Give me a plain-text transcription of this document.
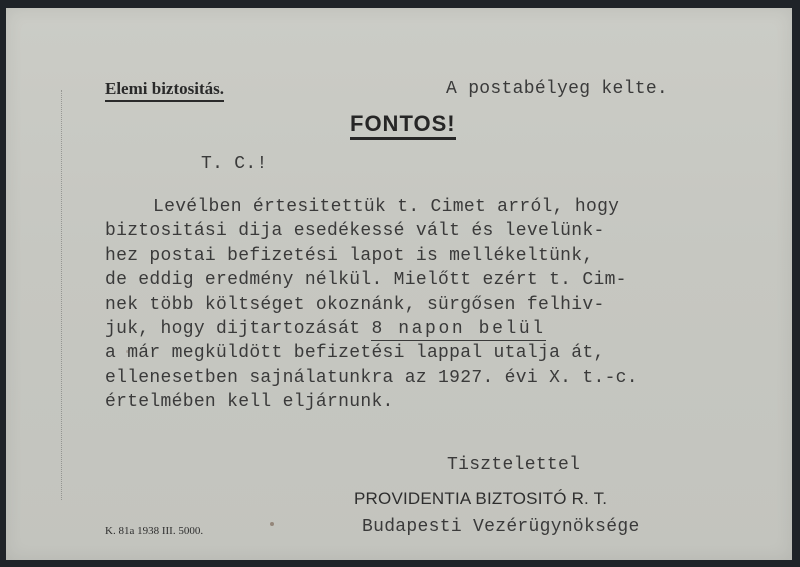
Elemi biztositás.	A postabélyeg kelte.
FONTOS!
T. C.!
Levélben értesitettük t. Cimet arról, hogy
biztositási dija esedékessé vált és levelünk-
hez postai befizetési lapot is mellékeltünk,
de eddig eredmény nélkül. Mielőtt ezért t. Cim-
nek több költséget okoznánk, sürgősen felhiv-
juk, hogy dijtartozását 8 napon belül
a már megküldött befizetési lappal utalja át,
ellenesetben sajnálatunkra az 1927. évi X. t.-c.
értelmében kell eljárnunk.
Tisztelettel
PROVIDENTIA BIZTOSITÓ R. T.
Budapesti Vezérügynöksége
K. 81a 1938 III. 5000.
